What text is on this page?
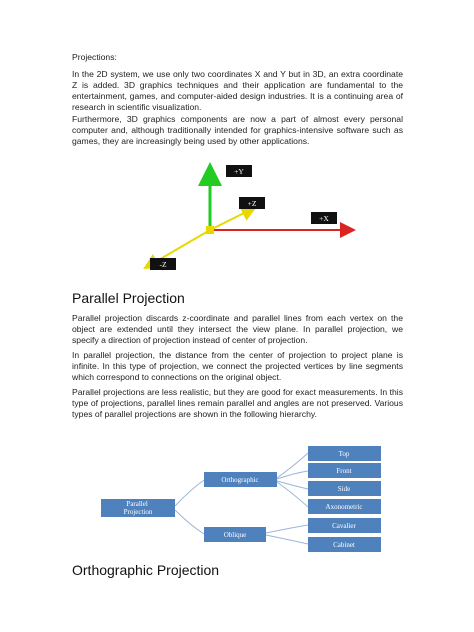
Projections:

In the 2D system, we use only two coordinates X and Y but in 3D, an extra coordinate Z is added. 3D graphics techniques and their application are fundamental to the entertainment, games, and computer-aided design industries. It is a continuing area of research in scientific visualization.

Furthermore, 3D graphics components are now a part of almost every personal computer and, although traditionally intended for graphics-intensive software such as games, they are increasingly being used by other applications.

+Y
+Z
+X
-Z
Parallel Projection
Orthographic
Oblique
Top
Front
Side
Axonometric
Cavalier
Cabinet
Parallel Projection

Parallel projection discards z-coordinate and parallel lines from each vertex on the object are extended until they intersect the view plane. In parallel projection, we specify a direction of projection instead of center of projection.

In parallel projection, the distance from the center of projection to project plane is infinite. In this type of projection, we connect the projected vertices by line segments which correspond to connections on the original object.

Parallel projections are less realistic, but they are good for exact measurements. In this type of projections, parallel lines remain parallel and angles are not preserved. Various types of parallel projections are shown in the following hierarchy.

Orthographic Projection
